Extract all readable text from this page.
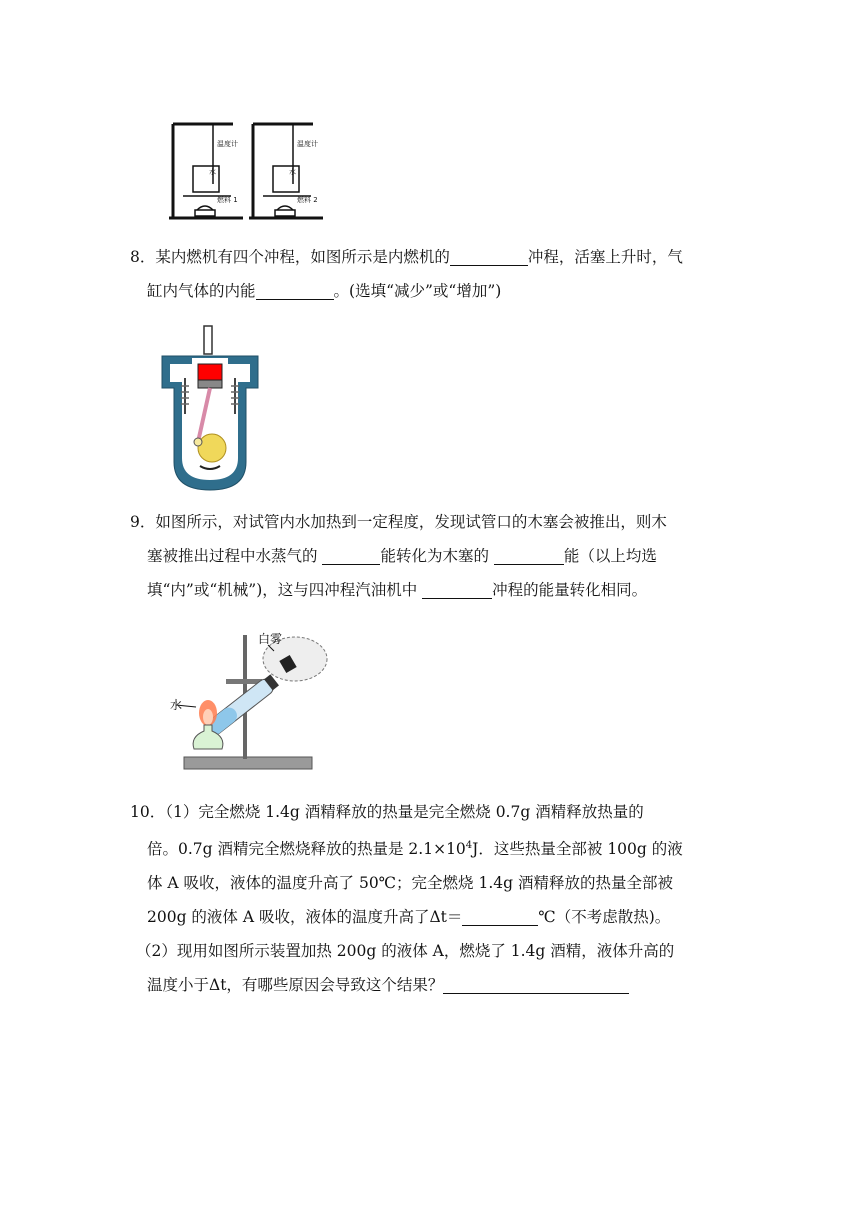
温度计
水
燃料 1
温度计
水
燃料 2
8．某内燃机有四个冲程，如图所示是内燃机的	冲程，活塞上升时，气
缸内气体的内能	。(选填“减少”或“增加”)
9．如图所示，对试管内水加热到一定程度，发现试管口的木塞会被推出，则木
塞被推出过程中水蒸气的	能转化为木塞的	能（以上均选
填“内”或“机械”)，这与四冲程汽油机中	冲程的能量转化相同。
白雾
水
10．（1）完全燃烧 1.4g 酒精释放的热量是完全燃烧 0.7g 酒精释放热量的
倍。0.7g 酒精完全燃烧释放的热量是 $2.1\times 10^4J$．这些热量全部被 100g 的液
体 A 吸收，液体的温度升高了 50℃；完全燃烧 1.4g 酒精释放的热量全部被
200g 的液体 A 吸收，液体的温度升高了Δt＝	℃（不考虑散热)。
（2）现用如图所示装置加热 200g 的液体 A，燃烧了 1.4g 酒精，液体升高的
温度小于Δt，有哪些原因会导致这个结果？
